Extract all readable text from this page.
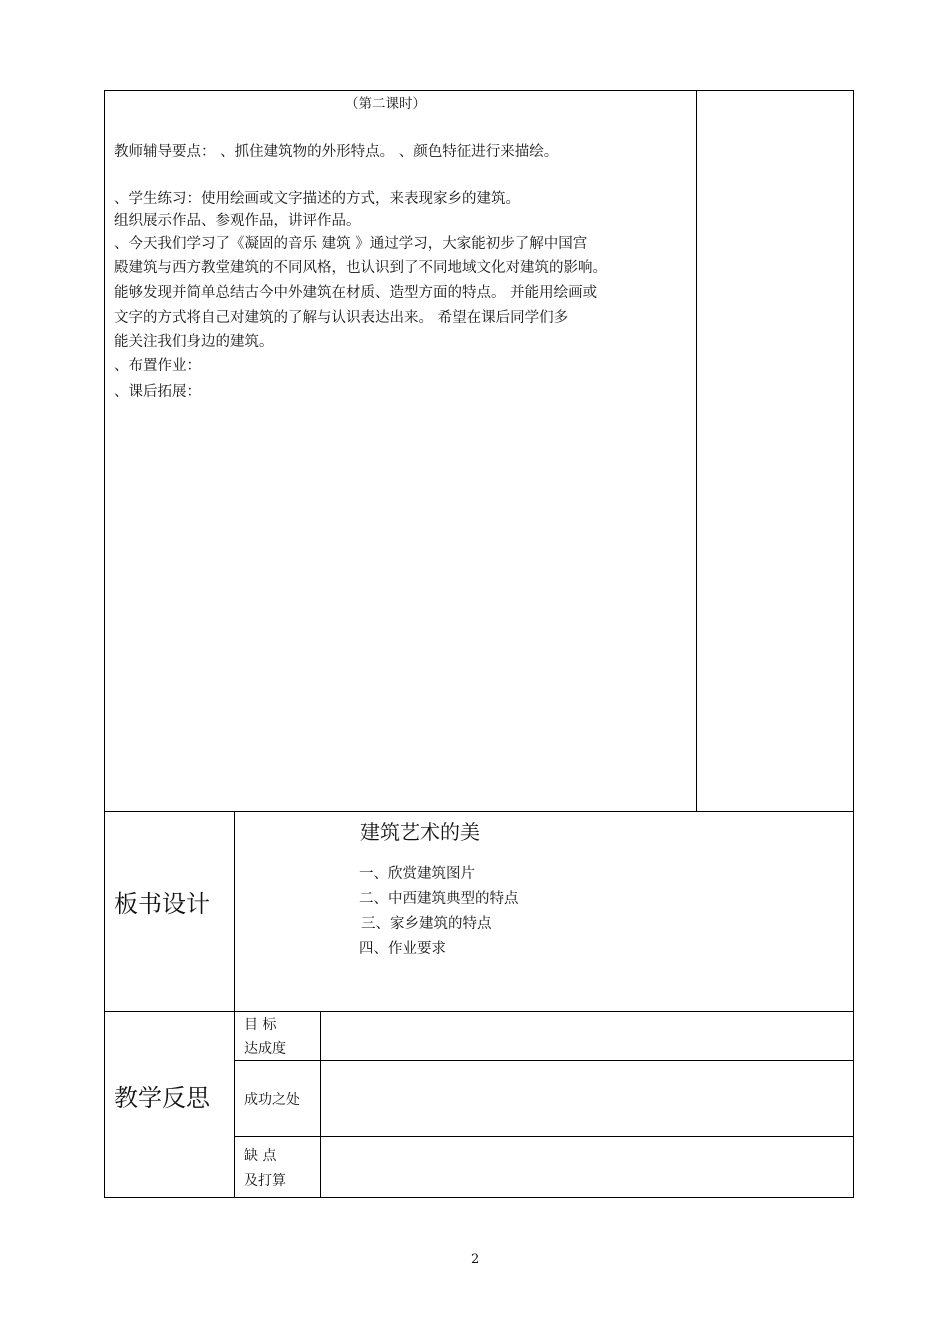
（第二课时）
教师辅导要点： 、抓住建筑物的外形特点。 、颜色特征进行来描绘。
、学生练习：使用绘画或文字描述的方式，来表现家乡的建筑。
组织展示作品、参观作品，讲评作品。
、今天我们学习了《凝固的音乐 建筑 》通过学习，大家能初步了解中国宫
殿建筑与西方教堂建筑的不同风格，也认识到了不同地域文化对建筑的影响。
能够发现并简单总结古今中外建筑在材质、造型方面的特点。 并能用绘画或
文字的方式将自己对建筑的了解与认识表达出来。 希望在课后同学们多
能关注我们身边的建筑。
、布置作业：
、课后拓展：
板书设计
建筑艺术的美
一、欣赏建筑图片
二、中西建筑典型的特点
三、家乡建筑的特点
四、作业要求
教学反思
目 标
达成度
成功之处
缺 点
及打算
2
